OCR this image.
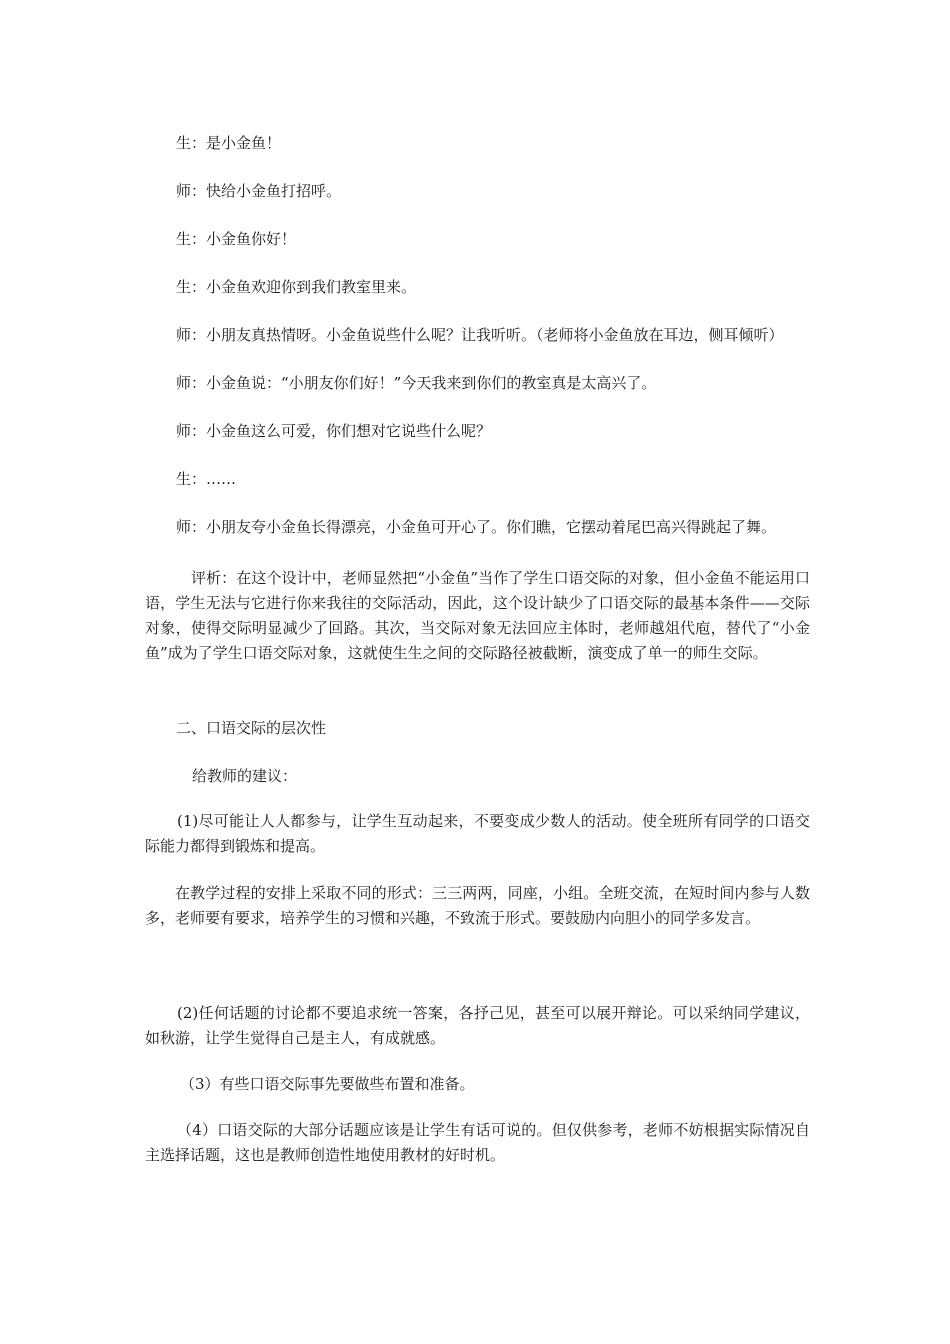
生：是小金鱼！
师：快给小金鱼打招呼。
生：小金鱼你好！
生：小金鱼欢迎你到我们教室里来。
师：小朋友真热情呀。小金鱼说些什么呢？让我听听。（老师将小金鱼放在耳边，侧耳倾听）
师：小金鱼说：“小朋友你们好！”今天我来到你们的教室真是太高兴了。
师：小金鱼这么可爱，你们想对它说些什么呢？
生：……
师：小朋友夸小金鱼长得漂亮，小金鱼可开心了。你们瞧，它摆动着尾巴高兴得跳起了舞。
评析：在这个设计中，老师显然把“小金鱼”当作了学生口语交际的对象，但小金鱼不能运用口语，学生无法与它进行你来我往的交际活动，因此，这个设计缺少了口语交际的最基本条件——交际对象，使得交际明显减少了回路。其次，当交际对象无法回应主体时，老师越俎代庖，替代了“小金鱼”成为了学生口语交际对象，这就使生生之间的交际路径被截断，演变成了单一的师生交际。
二、口语交际的层次性
给教师的建议：
(1)尽可能让人人都参与，让学生互动起来，不要变成少数人的活动。使全班所有同学的口语交际能力都得到锻炼和提高。
在教学过程的安排上采取不同的形式：三三两两，同座，小组。全班交流，在短时间内参与人数多，老师要有要求，培养学生的习惯和兴趣，不致流于形式。要鼓励内向胆小的同学多发言。
(2)任何话题的讨论都不要追求统一答案，各抒己见，甚至可以展开辩论。可以采纳同学建议，如秋游，让学生觉得自己是主人，有成就感。
（3）有些口语交际事先要做些布置和准备。
（4）口语交际的大部分话题应该是让学生有话可说的。但仅供参考，老师不妨根据实际情况自主选择话题，这也是教师创造性地使用教材的好时机。
